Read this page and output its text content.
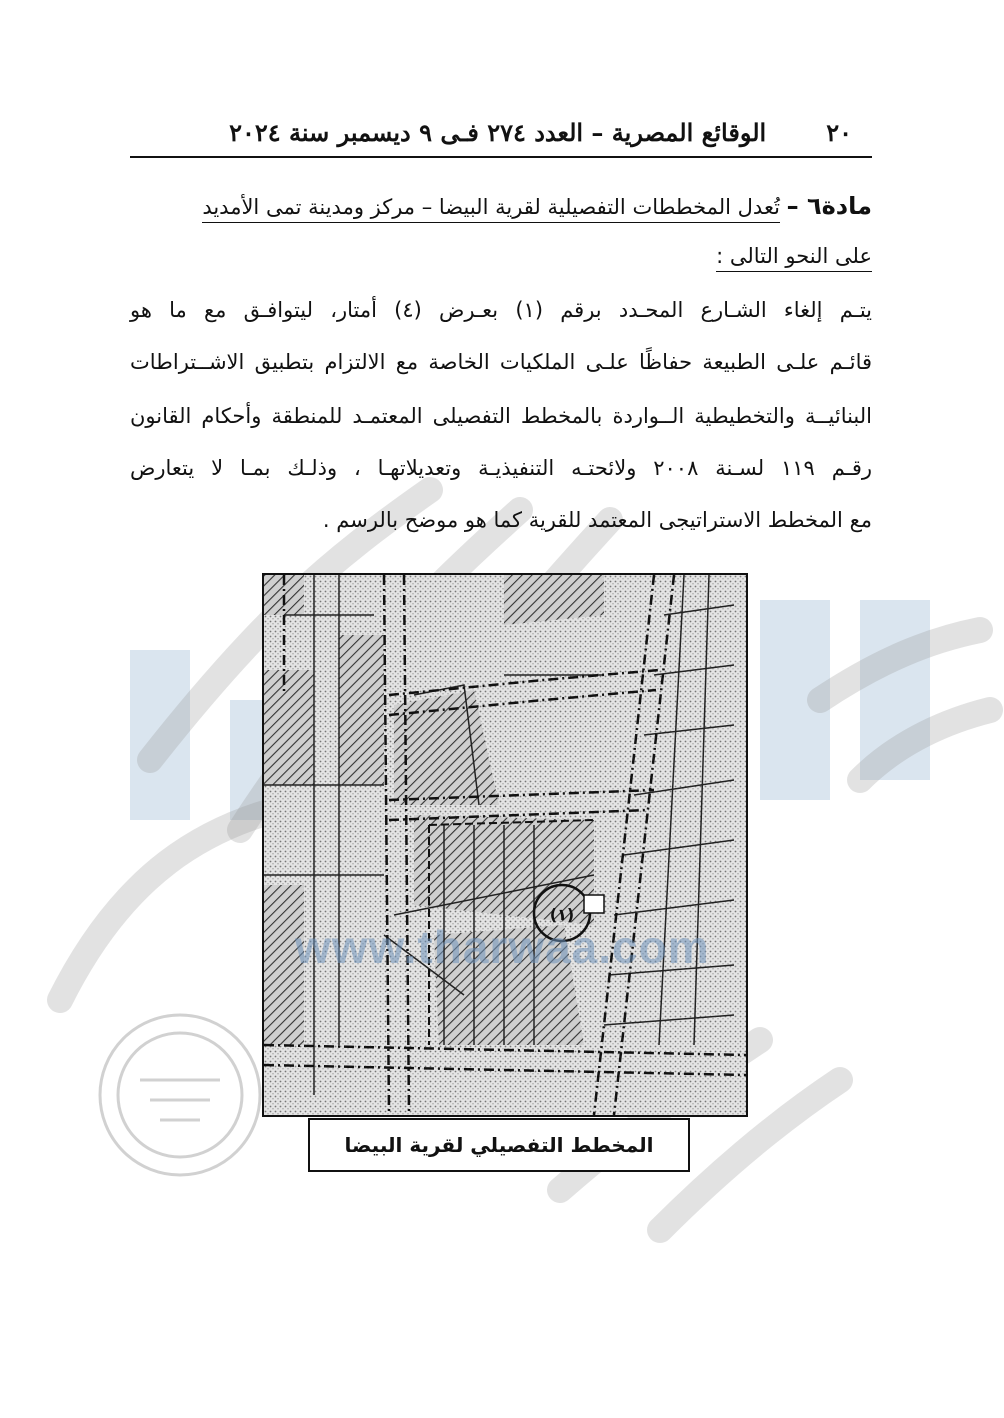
٢٠
الوقائع المصرية – العدد ٢٧٤ فـى ٩ ديسمبر سنة ٢٠٢٤
مادة٦ – تُعدل المخططات التفصيلية لقرية البيضا – مركز ومدينة تمى الأمديد
على النحو التالى :
يتـم إلغاء الشـارع المحـدد برقم (١) بعـرض (٤) أمتار، ليتوافـق مع ما هو
قائـم علـى الطبيعة حفاظًا علـى الملكيات الخاصة مع الالتزام بتطبيق الاشــتراطات
البنائيــة والتخطيطية الــواردة بالمخطط التفصيلى المعتمـد للمنطقة وأحكام القانون
رقـم ١١٩ لسـنة ٢٠٠٨ ولائحتـه التنفيذيـة وتعديلاتهـا ، وذلـك بمـا لا يتعارض
مع المخطط الاستراتيجى المعتمد للقرية كما هو موضح بالرسم .
(١)
www.tharwaa.com
المخطط التفصيلي لقرية البيضا
